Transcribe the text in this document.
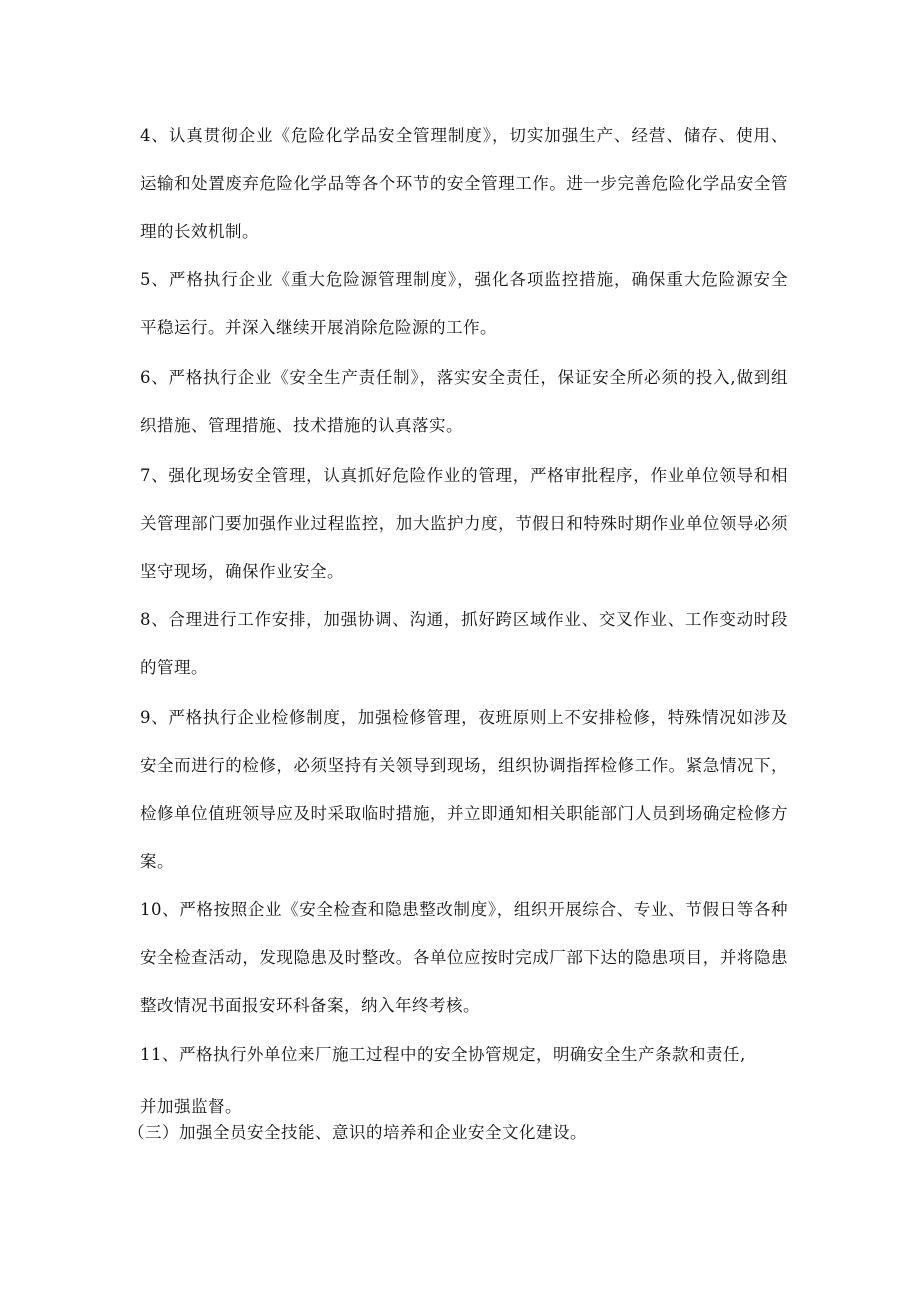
4、认真贯彻企业《危险化学品安全管理制度》，切实加强生产、经营、储存、使用、运输和处置废弃危险化学品等各个环节的安全管理工作。进一步完善危险化学品安全管理的长效机制。

5、严格执行企业《重大危险源管理制度》，强化各项监控措施，确保重大危险源安全平稳运行。并深入继续开展消除危险源的工作。

6、严格执行企业《安全生产责任制》，落实安全责任，保证安全所必须的投入,做到组织措施、管理措施、技术措施的认真落实。

7、强化现场安全管理，认真抓好危险作业的管理，严格审批程序，作业单位领导和相关管理部门要加强作业过程监控，加大监护力度，节假日和特殊时期作业单位领导必须坚守现场，确保作业安全。

8、合理进行工作安排，加强协调、沟通，抓好跨区域作业、交叉作业、工作变动时段的管理。

9、严格执行企业检修制度，加强检修管理，夜班原则上不安排检修，特殊情况如涉及安全而进行的检修，必须坚持有关领导到现场，组织协调指挥检修工作。紧急情况下，检修单位值班领导应及时采取临时措施，并立即通知相关职能部门人员到场确定检修方案。

10、严格按照企业《安全检查和隐患整改制度》，组织开展综合、专业、节假日等各种安全检查活动，发现隐患及时整改。各单位应按时完成厂部下达的隐患项目，并将隐患整改情况书面报安环科备案，纳入年终考核。

11、严格执行外单位来厂施工过程中的安全协管规定，明确安全生产条款和责任,

并加强监督。

（三）加强全员安全技能、意识的培养和企业安全文化建设。
